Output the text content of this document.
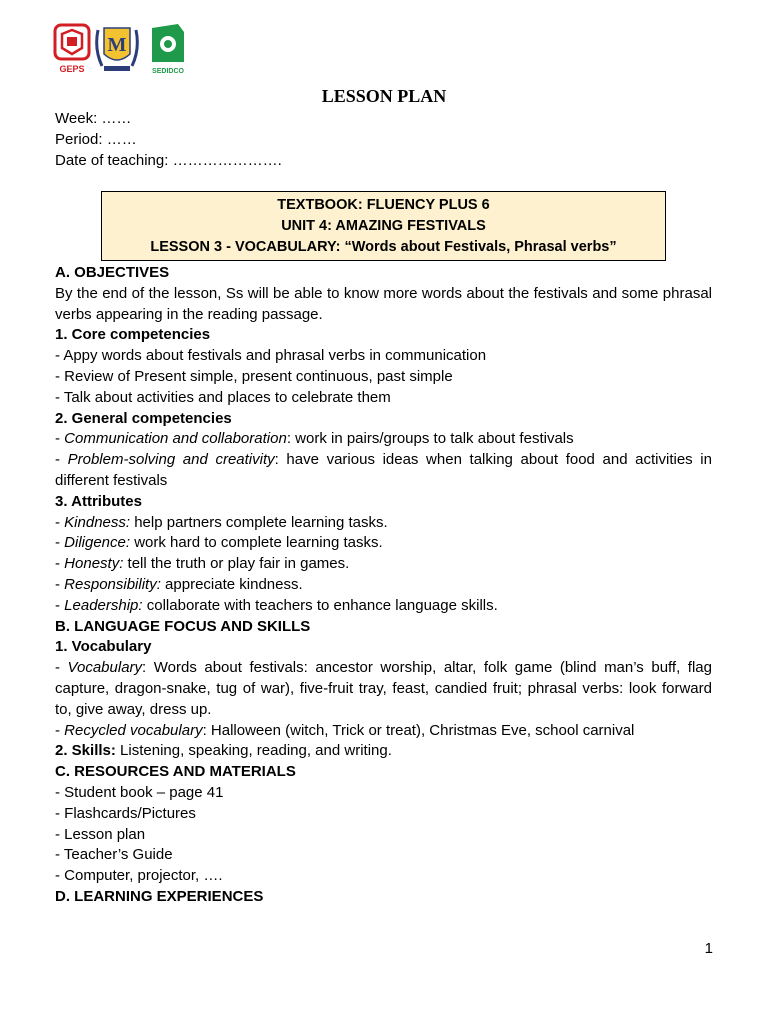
GEPS
M
SEDIDCO
LESSON PLAN
Week: ……
Period: ……
Date of teaching: ………………….
TEXTBOOK: FLUENCY PLUS 6
UNIT 4: AMAZING FESTIVALS
LESSON 3 - VOCABULARY: “Words about Festivals, Phrasal verbs”

A. OBJECTIVES

By the end of the lesson, Ss will be able to know more words about the festivals and some phrasal verbs appearing in the reading passage.

1. Core competencies

- Appy words about festivals and phrasal verbs in communication

- Review of Present simple, present continuous, past simple

- Talk about activities and places to celebrate them

2. General competencies

- Communication and collaboration: work in pairs/groups to talk about festivals

- Problem-solving and creativity: have various ideas when talking about food and activities in different festivals

3. Attributes

- Kindness: help partners complete learning tasks.

- Diligence: work hard to complete learning tasks.

- Honesty: tell the truth or play fair in games.

- Responsibility: appreciate kindness.

- Leadership: collaborate with teachers to enhance language skills.

B. LANGUAGE FOCUS AND SKILLS

1. Vocabulary

- Vocabulary: Words about festivals: ancestor worship, altar, folk game (blind man’s buff, flag capture, dragon-snake, tug of war), five-fruit tray, feast, candied fruit; phrasal verbs: look forward to, give away, dress up.

- Recycled vocabulary: Halloween (witch, Trick or treat), Christmas Eve, school carnival

2. Skills: Listening, speaking, reading, and writing.

C. RESOURCES AND MATERIALS

- Student book – page 41

- Flashcards/Pictures

- Lesson plan

- Teacher’s Guide

- Computer, projector, ….

D. LEARNING EXPERIENCES

1
